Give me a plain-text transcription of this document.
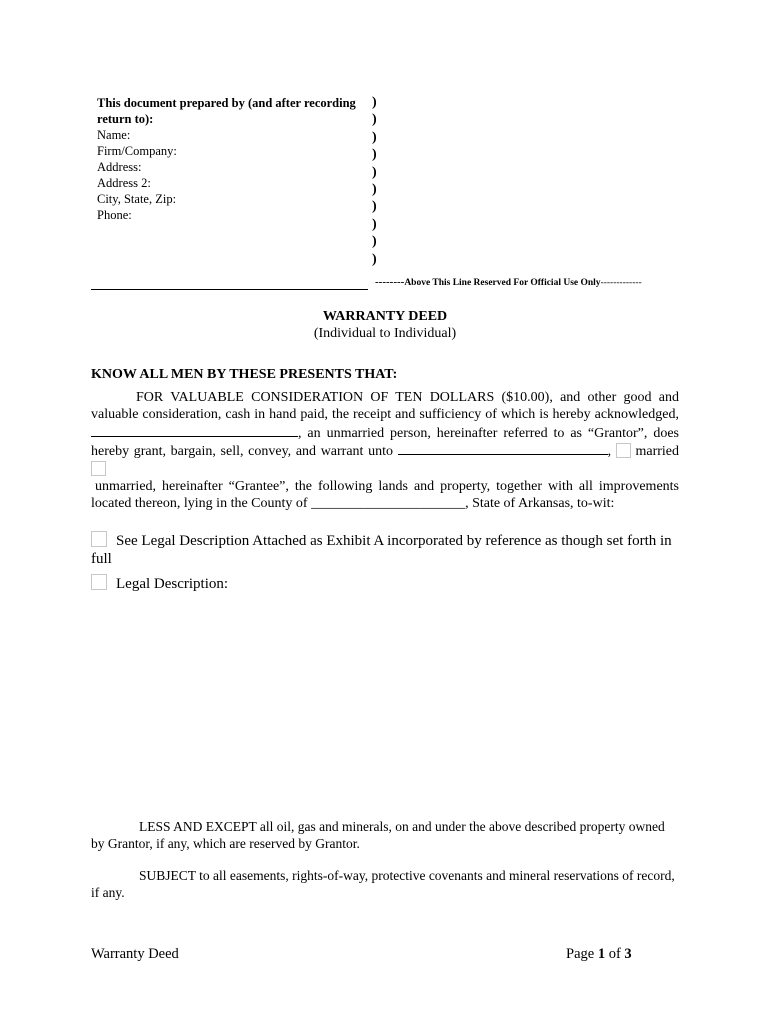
This document prepared by (and after recording return to):
Name:
Firm/Company:
Address:
Address 2:
City, State, Zip:
Phone:
)
)
)
)
)
)
)
)
)
)
--------Above This Line Reserved For Official Use Only-------------
WARRANTY DEED
(Individual to Individual)
KNOW ALL MEN BY THESE PRESENTS THAT:

FOR VALUABLE CONSIDERATION OF TEN DOLLARS ($10.00), and other good and

valuable consideration, cash in hand paid, the receipt and sufficiency of which is hereby acknowledged,

, an unmarried person, hereinafter referred to as “Grantor”, does

hereby grant, bargain, sell, convey, and warrant unto	, married

unmarried, hereinafter “Grantee”, the following lands and property, together with all improvements

located thereon, lying in the County of ______________________, State of Arkansas, to-wit:

See Legal Description Attached as Exhibit A incorporated by reference as though set forth in full
Legal Description:
LESS AND EXCEPT all oil, gas and minerals, on and under the above described property owned by Grantor, if any, which are reserved by Grantor.
SUBJECT to all easements, rights-of-way, protective covenants and mineral reservations of record, if any.
Warranty Deed	Page 1 of 3
